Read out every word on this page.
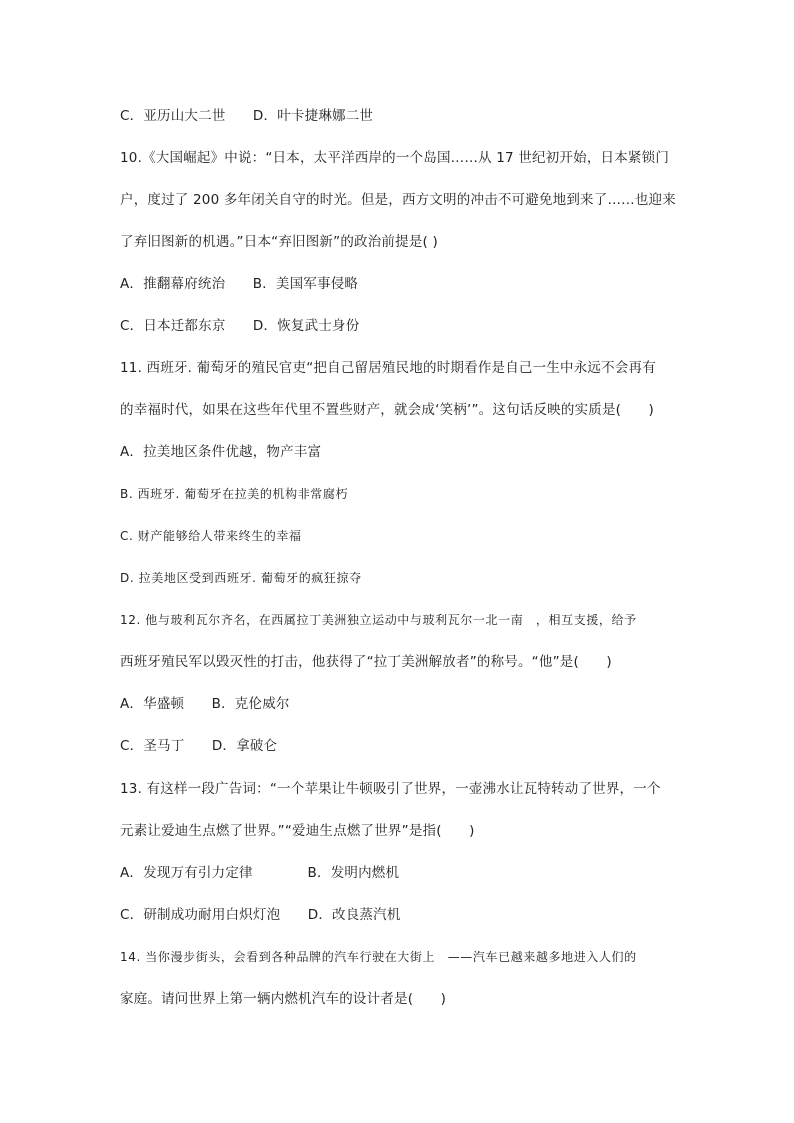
C．亚历山大二世　　D．叶卡捷琳娜二世
10.《大国崛起》中说：“日本，太平洋西岸的一个岛国……从 17 世纪初开始，日本紧锁门
户，度过了 200 多年闭关自守的时光。但是，西方文明的冲击不可避免地到来了……也迎来
了弃旧图新的机遇。”日本“弃旧图新”的政治前提是( )
A．推翻幕府统治　　B．美国军事侵略
C．日本迁都东京　　D．恢复武士身份
11. 西班牙. 葡萄牙的殖民官吏“把自己留居殖民地的时期看作是自己一生中永远不会再有
的幸福时代，如果在这些年代里不置些财产，就会成‘笑柄’”。这句话反映的实质是(　　)
A．拉美地区条件优越，物产丰富
B. 西班牙. 葡萄牙在拉美的机构非常腐朽
C. 财产能够给人带来终生的幸福
D. 拉美地区受到西班牙. 葡萄牙的疯狂掠夺
12. 他与玻利瓦尔齐名，在西属拉丁美洲独立运动中与玻利瓦尔一北一南　，相互支援，给予
西班牙殖民军以毁灭性的打击，他获得了“拉丁美洲解放者”的称号。“他”是(　　)
A．华盛顿　　B．克伦威尔
C．圣马丁　　D．拿破仑
13. 有这样一段广告词：“一个苹果让牛顿吸引了世界，一壶沸水让瓦特转动了世界，一个
元素让爱迪生点燃了世界。”“爱迪生点燃了世界”是指(　　)
A．发现万有引力定律　　　　B．发明内燃机
C．研制成功耐用白炽灯泡　　D．改良蒸汽机
14. 当你漫步街头，会看到各种品牌的汽车行驶在大街上　——汽车已越来越多地进入人们的
家庭。请问世界上第一辆内燃机汽车的设计者是(　　)
